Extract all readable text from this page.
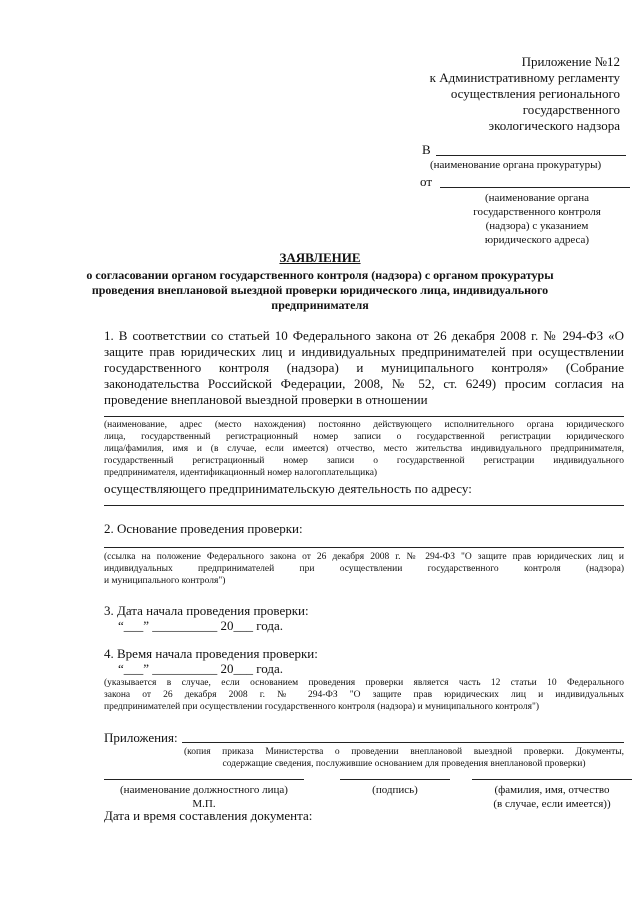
Приложение №12
к Административному регламенту
осуществления регионального
государственного
экологического надзора
В
(наименование органа прокуратуры)
от
(наименование органа
государственного контроля
(надзора) с указанием
юридического адреса)
ЗАЯВЛЕНИЕ
о согласовании органом государственного контроля (надзора) с органом прокуратуры
проведения внеплановой выездной проверки юридического лица, индивидуального
предпринимателя
1. В соответствии со статьей 10 Федерального закона от 26 декабря 2008 г. № 294-ФЗ «О
защите прав юридических лиц и индивидуальных предпринимателей при осуществлении
государственного контроля (надзора) и муниципального контроля» (Собрание
законодательства Российской Федерации, 2008, № 52, ст. 6249) просим согласия на
проведение внеплановой выездной проверки в отношении
(наименование, адрес (место нахождения) постоянно действующего исполнительного органа юридического
лица, государственный регистрационный номер записи о государственной регистрации юридического
лица/фамилия, имя и (в случае, если имеется) отчество, место жительства индивидуального предпринимателя,
государственный регистрационный номер записи о государственной регистрации индивидуального
предпринимателя, идентификационный номер налогоплательщика)
осуществляющего предпринимательскую деятельность по адресу:
2. Основание проведения проверки:
(ссылка на положение Федерального закона от 26 декабря 2008 г. № 294-ФЗ "О защите прав юридических лиц и
индивидуальных предпринимателей при осуществлении государственного контроля (надзора)
и муниципального контроля")
3. Дата начала проведения проверки:
“___” __________ 20___ года.
4. Время начала проведения проверки:
“___” __________ 20___ года.
(указывается в случае, если основанием проведения проверки является часть 12 статьи 10 Федерального
закона от 26 декабря 2008 г. № 294-ФЗ "О защите прав юридических лиц и индивидуальных
предпринимателей при осуществлении государственного контроля (надзора) и муниципального контроля")
Приложения:
(копия приказа Министерства о проведении внеплановой выездной проверки. Документы,
содержащие сведения, послужившие основанием для проведения внеплановой проверки)
(наименование должностного лица)
М.П.
(подпись)	(фамилия, имя, отчество
(в случае, если имеется))
Дата и время составления документа:
